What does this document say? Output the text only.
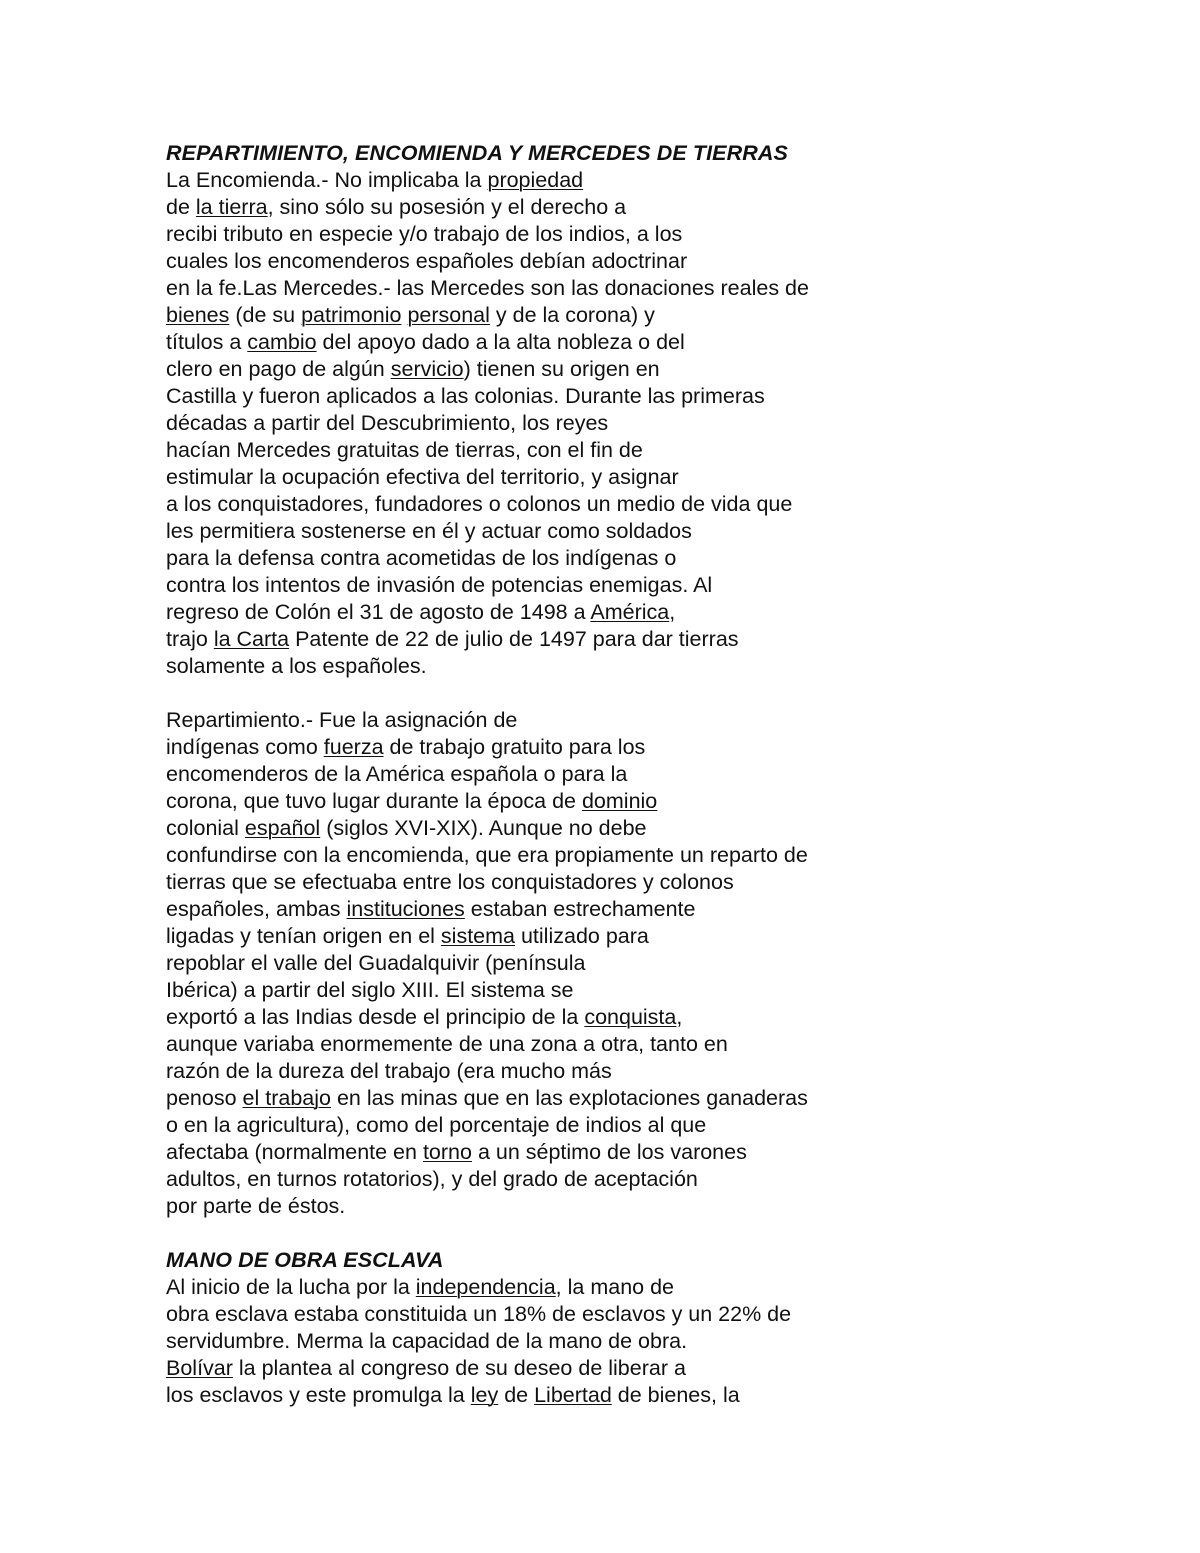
REPARTIMIENTO, ENCOMIENDA Y MERCEDES DE TIERRAS
La Encomienda.- No implicaba la propiedad
de la tierra, sino sólo su posesión y el derecho a
recibi tributo en especie y/o trabajo de los indios, a los
cuales los encomenderos españoles debían adoctrinar
en la fe.Las Mercedes.- las Mercedes son las donaciones reales de
bienes (de su patrimonio personal y de la corona) y
títulos a cambio del apoyo dado a la alta nobleza o del
clero en pago de algún servicio) tienen su origen en
Castilla y fueron aplicados a las colonias. Durante las primeras
décadas a partir del Descubrimiento, los reyes
hacían Mercedes gratuitas de tierras, con el fin de
estimular la ocupación efectiva del territorio, y asignar
a los conquistadores, fundadores o colonos un medio de vida que
les permitiera sostenerse en él y actuar como soldados
para la defensa contra acometidas de los indígenas o
contra los intentos de invasión de potencias enemigas. Al
regreso de Colón el 31 de agosto de 1498 a América,
trajo la Carta Patente de 22 de julio de 1497 para dar tierras
solamente a los españoles.
Repartimiento.- Fue la asignación de
indígenas como fuerza de trabajo gratuito para los
encomenderos de la América española o para la
corona, que tuvo lugar durante la época de dominio
colonial español (siglos XVI-XIX). Aunque no debe
confundirse con la encomienda, que era propiamente un reparto de
tierras que se efectuaba entre los conquistadores y colonos
españoles, ambas instituciones estaban estrechamente
ligadas y tenían origen en el sistema utilizado para
repoblar el valle del Guadalquivir (península
Ibérica) a partir del siglo XIII. El sistema se
exportó a las Indias desde el principio de la conquista,
aunque variaba enormemente de una zona a otra, tanto en
razón de la dureza del trabajo (era mucho más
penoso el trabajo en las minas que en las explotaciones ganaderas
o en la agricultura), como del porcentaje de indios al que
afectaba (normalmente en torno a un séptimo de los varones
adultos, en turnos rotatorios), y del grado de aceptación
por parte de éstos.
MANO DE OBRA ESCLAVA
Al inicio de la lucha por la independencia, la mano de
obra esclava estaba constituida un 18% de esclavos y un 22% de
servidumbre. Merma la capacidad de la mano de obra.
Bolívar la plantea al congreso de su deseo de liberar a
los esclavos y este promulga la ley de Libertad de bienes, la
